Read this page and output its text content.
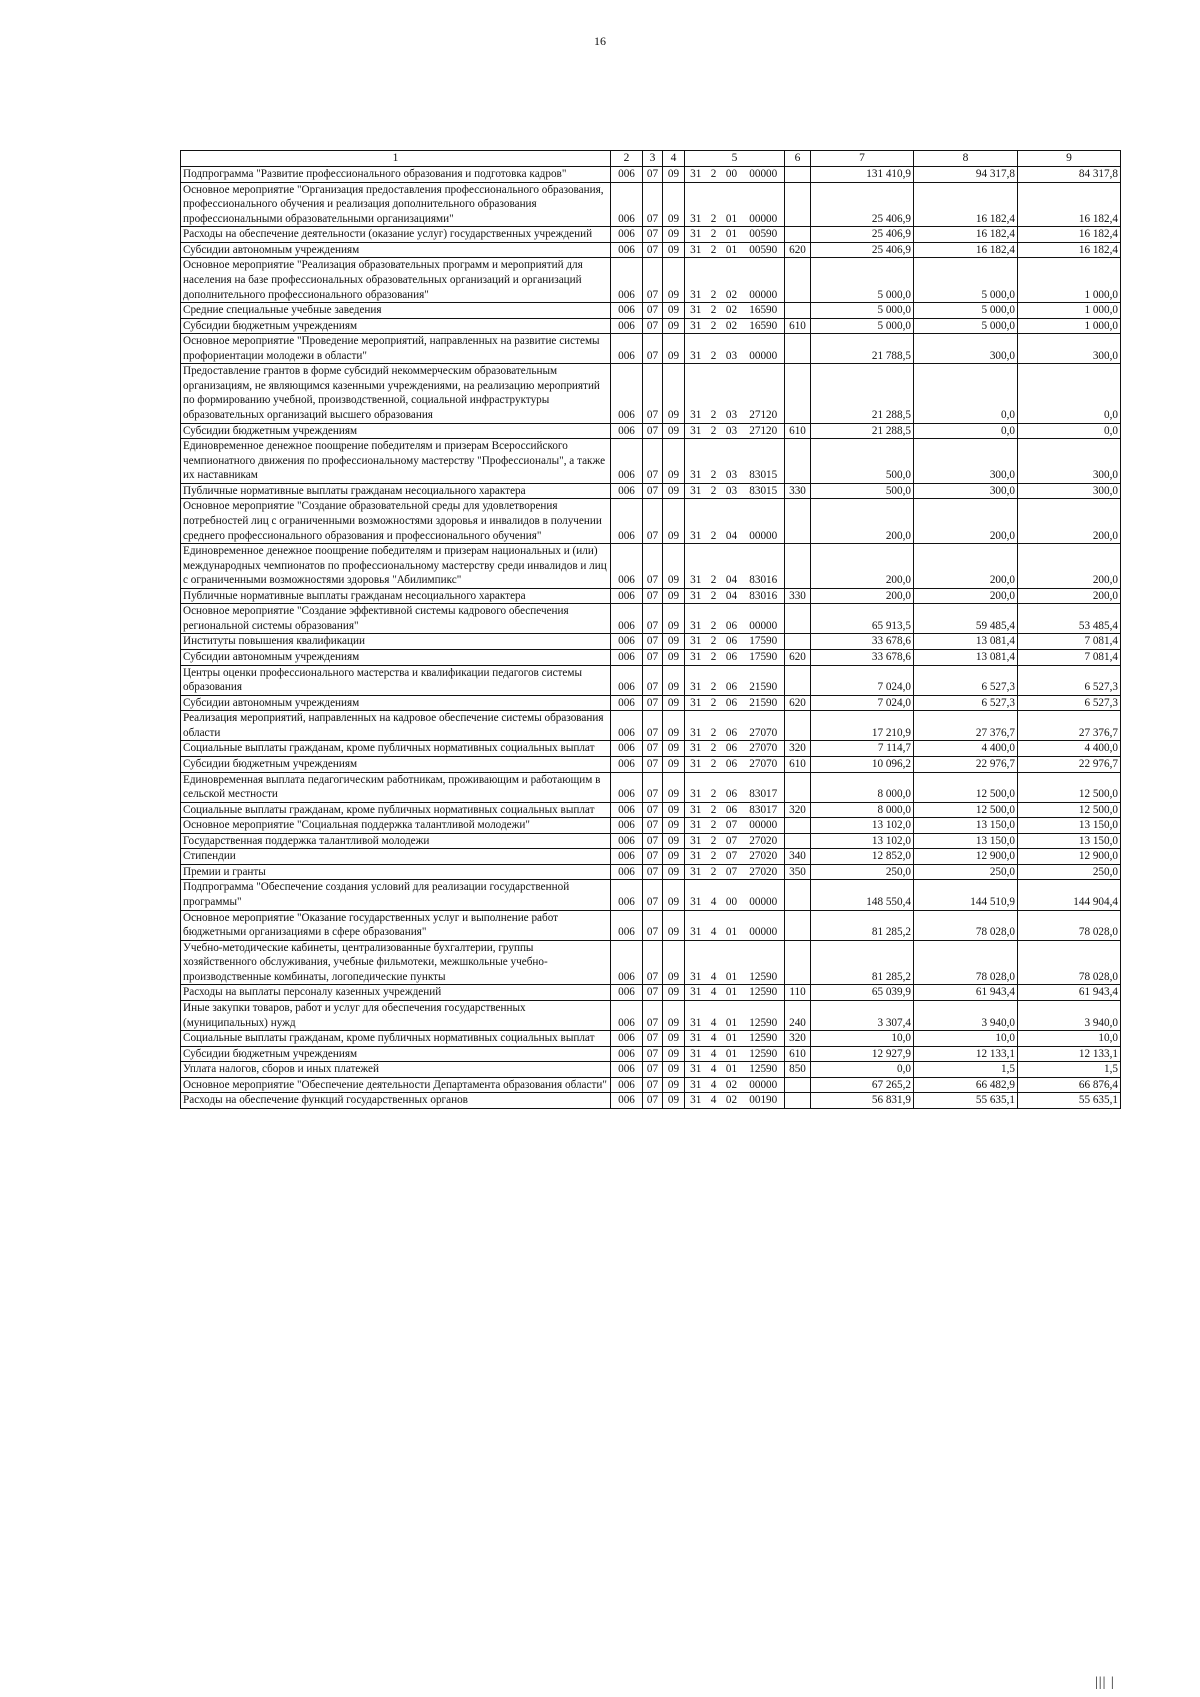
16
1	2	3	4	5				6	7	8	9
Подпрограмма "Развитие профессионального образования и подготовка кадров"	006	07	09	31	2	00	00000		131 410,9	94 317,8	84 317,8
Основное мероприятие "Организация предоставления профессионального образования, профессионального обучения и реализация дополнительного образования профессиональными образовательными организациями"	006	07	09	31	2	01	00000		25 406,9	16 182,4	16 182,4
Расходы на обеспечение деятельности (оказание услуг) государственных учреждений	006	07	09	31	2	01	00590		25 406,9	16 182,4	16 182,4
Субсидии автономным учреждениям	006	07	09	31	2	01	00590	620	25 406,9	16 182,4	16 182,4
Основное мероприятие "Реализация образовательных программ и мероприятий для населения на базе профессиональных образовательных организаций и организаций дополнительного профессионального образования"	006	07	09	31	2	02	00000		5 000,0	5 000,0	1 000,0
Средние специальные учебные заведения	006	07	09	31	2	02	16590		5 000,0	5 000,0	1 000,0
Субсидии бюджетным учреждениям	006	07	09	31	2	02	16590	610	5 000,0	5 000,0	1 000,0
Основное мероприятие "Проведение мероприятий, направленных на развитие системы профориентации молодежи в области"	006	07	09	31	2	03	00000		21 788,5	300,0	300,0
Предоставление грантов в форме субсидий некоммерческим образовательным организациям, не являющимся казенными учреждениями, на реализацию мероприятий по формированию учебной, производственной, социальной инфраструктуры образовательных организаций высшего образования	006	07	09	31	2	03	27120		21 288,5	0,0	0,0
Субсидии бюджетным учреждениям	006	07	09	31	2	03	27120	610	21 288,5	0,0	0,0
Единовременное денежное поощрение победителям и призерам Всероссийского чемпионатного движения по профессиональному мастерству "Профессионалы", а также их наставникам	006	07	09	31	2	03	83015		500,0	300,0	300,0
Публичные нормативные выплаты гражданам несоциального характера	006	07	09	31	2	03	83015	330	500,0	300,0	300,0
Основное мероприятие "Создание образовательной среды для удовлетворения потребностей лиц с ограниченными возможностями здоровья и инвалидов в получении среднего профессионального образования и профессионального обучения"	006	07	09	31	2	04	00000		200,0	200,0	200,0
Единовременное денежное поощрение победителям и призерам национальных и (или) международных чемпионатов по профессиональному мастерству среди инвалидов и лиц с ограниченными возможностями здоровья "Абилимпикс"	006	07	09	31	2	04	83016		200,0	200,0	200,0
Публичные нормативные выплаты гражданам несоциального характера	006	07	09	31	2	04	83016	330	200,0	200,0	200,0
Основное мероприятие "Создание эффективной системы кадрового обеспечения региональной системы образования"	006	07	09	31	2	06	00000		65 913,5	59 485,4	53 485,4
Институты повышения квалификации	006	07	09	31	2	06	17590		33 678,6	13 081,4	7 081,4
Субсидии автономным учреждениям	006	07	09	31	2	06	17590	620	33 678,6	13 081,4	7 081,4
Центры оценки профессионального мастерства и квалификации педагогов системы образования	006	07	09	31	2	06	21590		7 024,0	6 527,3	6 527,3
Субсидии автономным учреждениям	006	07	09	31	2	06	21590	620	7 024,0	6 527,3	6 527,3
Реализация мероприятий, направленных на кадровое обеспечение системы образования области	006	07	09	31	2	06	27070		17 210,9	27 376,7	27 376,7
Социальные выплаты гражданам, кроме публичных нормативных социальных выплат	006	07	09	31	2	06	27070	320	7 114,7	4 400,0	4 400,0
Субсидии бюджетным учреждениям	006	07	09	31	2	06	27070	610	10 096,2	22 976,7	22 976,7
Единовременная выплата педагогическим работникам, проживающим и работающим в сельской местности	006	07	09	31	2	06	83017		8 000,0	12 500,0	12 500,0
Социальные выплаты гражданам, кроме публичных нормативных социальных выплат	006	07	09	31	2	06	83017	320	8 000,0	12 500,0	12 500,0
Основное мероприятие "Социальная поддержка талантливой молодежи"	006	07	09	31	2	07	00000		13 102,0	13 150,0	13 150,0
Государственная поддержка талантливой молодежи	006	07	09	31	2	07	27020		13 102,0	13 150,0	13 150,0
Стипендии	006	07	09	31	2	07	27020	340	12 852,0	12 900,0	12 900,0
Премии и гранты	006	07	09	31	2	07	27020	350	250,0	250,0	250,0
Подпрограмма "Обеспечение создания условий для реализации государственной программы"	006	07	09	31	4	00	00000		148 550,4	144 510,9	144 904,4
Основное мероприятие "Оказание государственных услуг и выполнение работ бюджетными организациями в сфере образования"	006	07	09	31	4	01	00000		81 285,2	78 028,0	78 028,0
Учебно-методические кабинеты, централизованные бухгалтерии, группы хозяйственного обслуживания, учебные фильмотеки, межшкольные учебно-производственные комбинаты, логопедические пункты	006	07	09	31	4	01	12590		81 285,2	78 028,0	78 028,0
Расходы на выплаты персоналу казенных учреждений	006	07	09	31	4	01	12590	110	65 039,9	61 943,4	61 943,4
Иные закупки товаров, работ и услуг для обеспечения государственных (муниципальных) нужд	006	07	09	31	4	01	12590	240	3 307,4	3 940,0	3 940,0
Социальные выплаты гражданам, кроме публичных нормативных социальных выплат	006	07	09	31	4	01	12590	320	10,0	10,0	10,0
Субсидии бюджетным учреждениям	006	07	09	31	4	01	12590	610	12 927,9	12 133,1	12 133,1
Уплата налогов, сборов и иных платежей	006	07	09	31	4	01	12590	850	0,0	1,5	1,5
Основное мероприятие "Обеспечение деятельности Департамента образования области"	006	07	09	31	4	02	00000		67 265,2	66 482,9	66 876,4
Расходы на обеспечение функций государственных органов	006	07	09	31	4	02	00190		56 831,9	55 635,1	55 635,1
||| |
